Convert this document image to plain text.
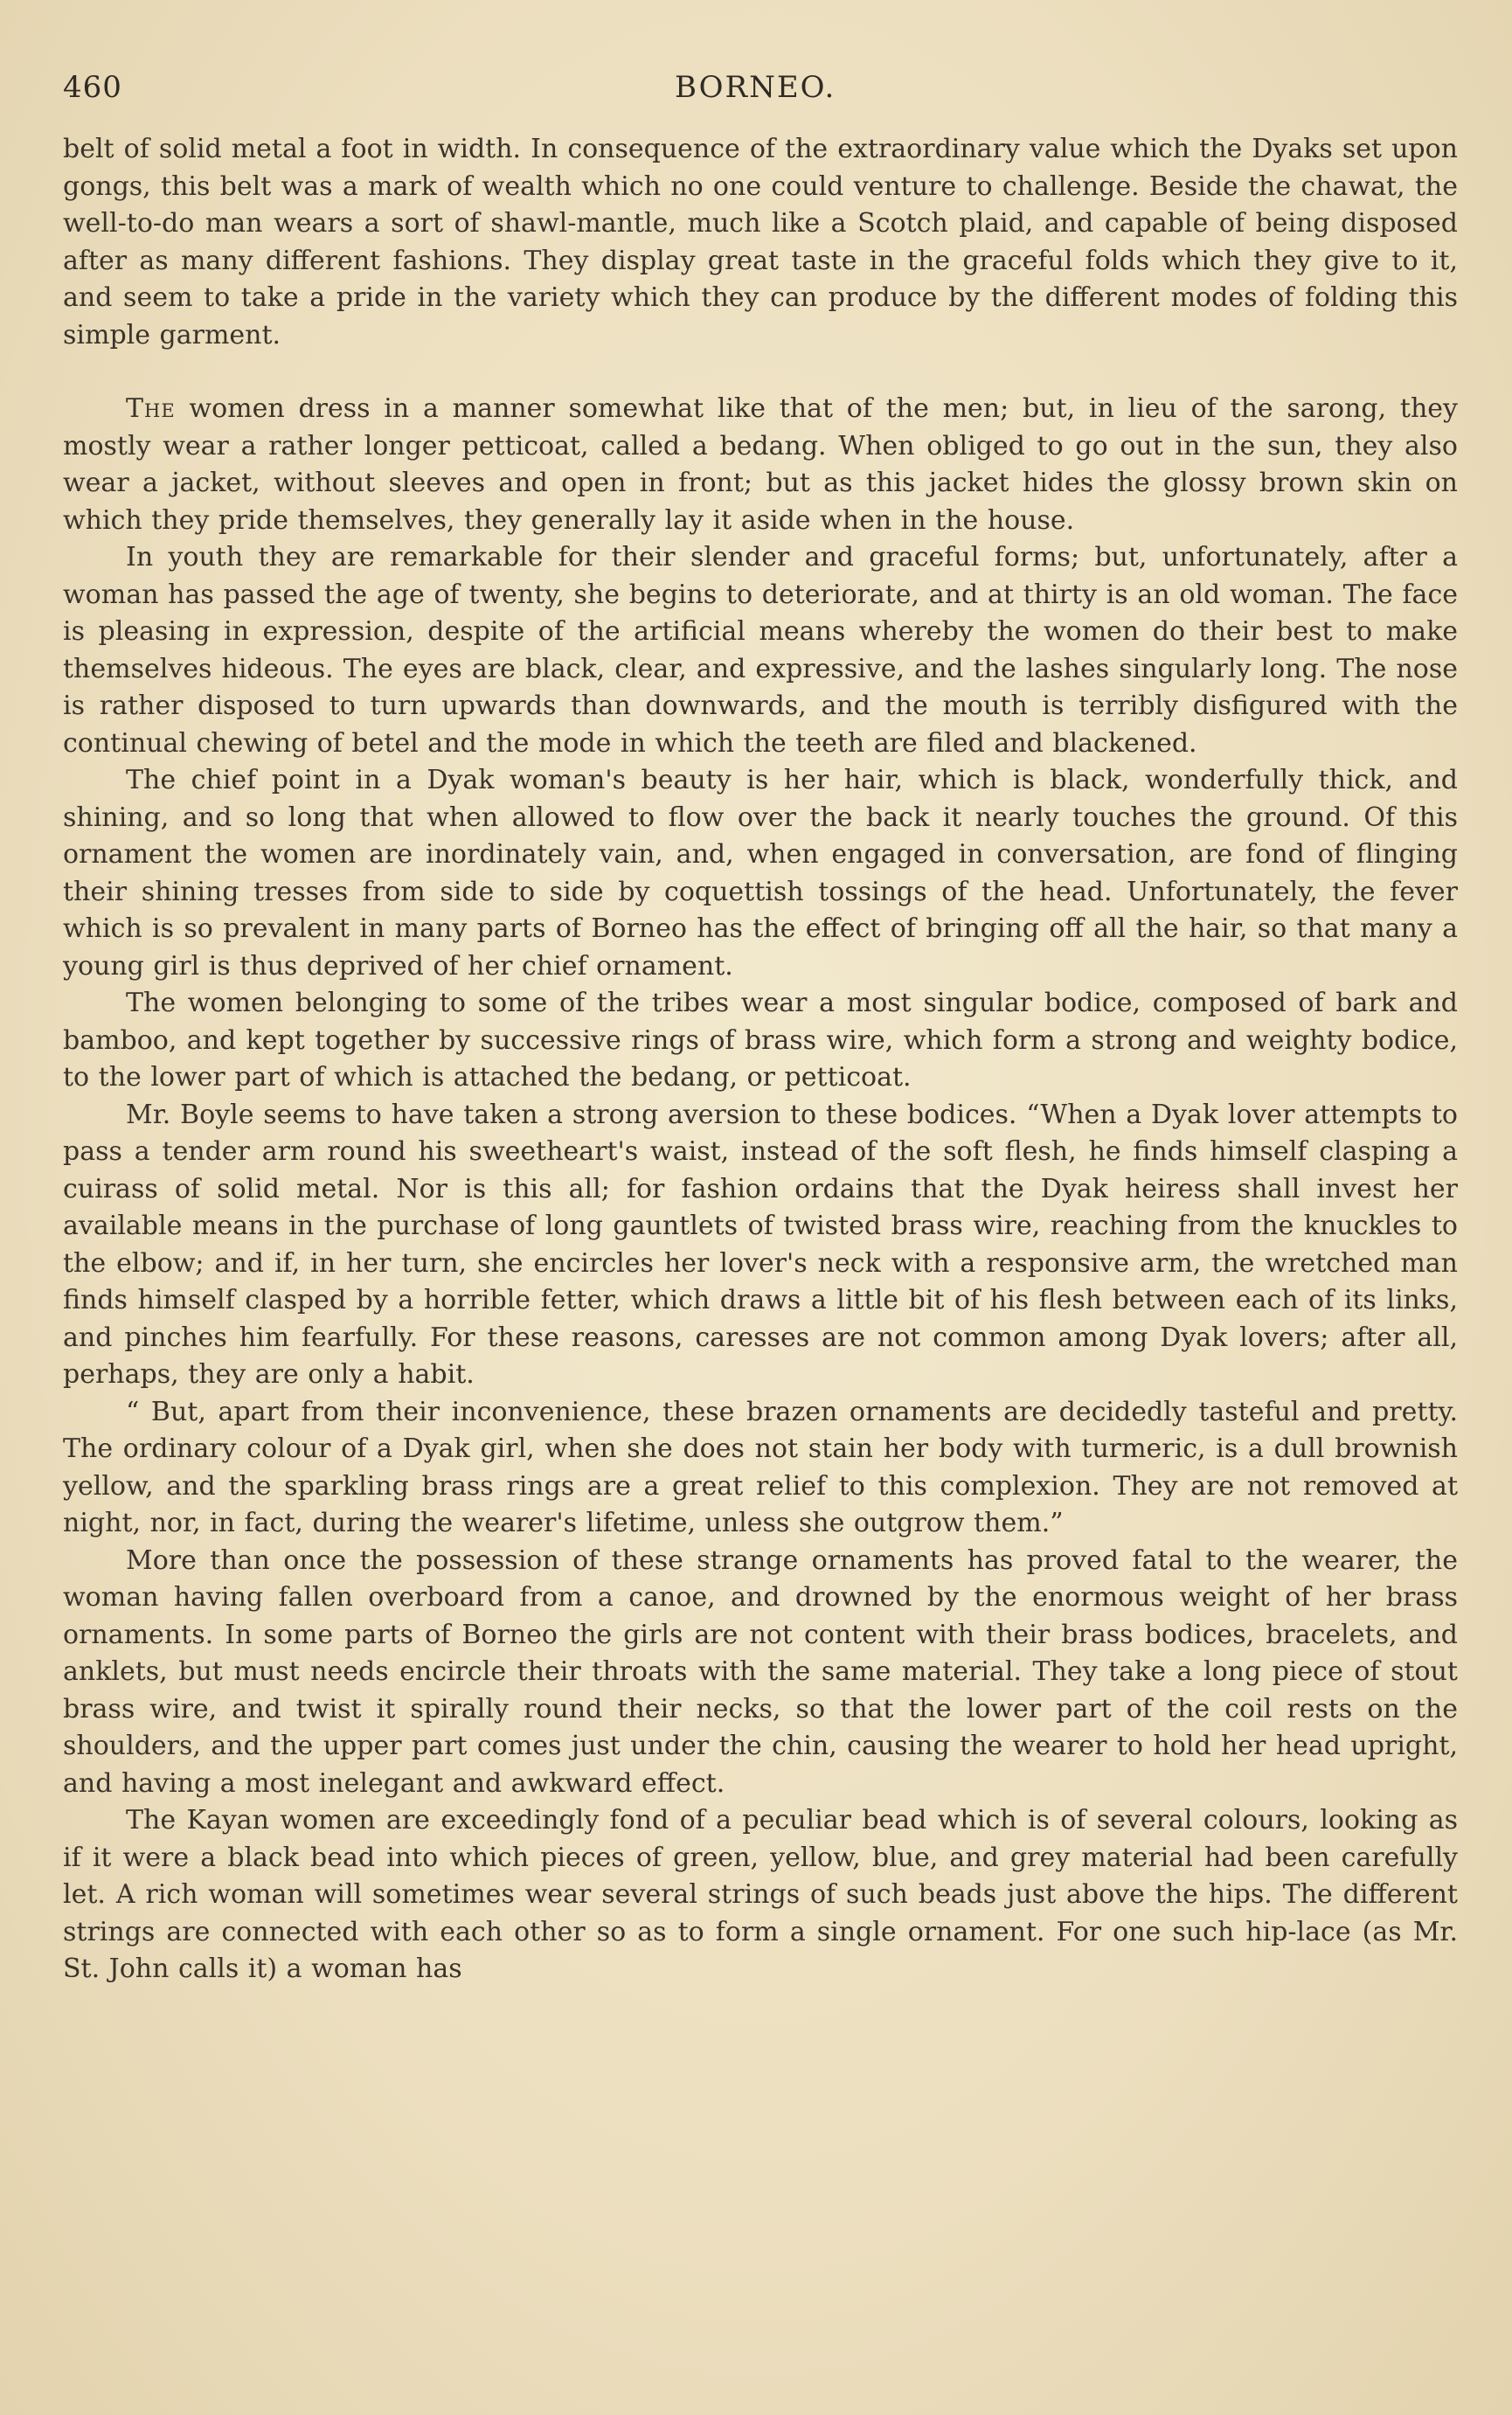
460	BORNEO.

belt of solid metal a foot in width. In consequence of the extraordinary value which the Dyaks set upon gongs, this belt was a mark of wealth which no one could venture to challenge. Beside the chawat, the well-to-do man wears a sort of shawl-mantle, much like a Scotch plaid, and capable of being disposed after as many different fashions. They display great taste in the graceful folds which they give to it, and seem to take a pride in the variety which they can produce by the different modes of folding this simple garment.

The women dress in a manner somewhat like that of the men; but, in lieu of the sarong, they mostly wear a rather longer petticoat, called a bedang. When obliged to go out in the sun, they also wear a jacket, without sleeves and open in front; but as this jacket hides the glossy brown skin on which they pride themselves, they generally lay it aside when in the house.

In youth they are remarkable for their slender and graceful forms; but, unfortunately, after a woman has passed the age of twenty, she begins to deteriorate, and at thirty is an old woman. The face is pleasing in expression, despite of the artificial means whereby the women do their best to make themselves hideous. The eyes are black, clear, and expressive, and the lashes singularly long. The nose is rather disposed to turn upwards than downwards, and the mouth is terribly disfigured with the continual chewing of betel and the mode in which the teeth are filed and blackened.

The chief point in a Dyak woman's beauty is her hair, which is black, wonderfully thick, and shining, and so long that when allowed to flow over the back it nearly touches the ground. Of this ornament the women are inordinately vain, and, when engaged in conversation, are fond of flinging their shining tresses from side to side by coquettish tossings of the head. Unfortunately, the fever which is so prevalent in many parts of Borneo has the effect of bringing off all the hair, so that many a young girl is thus deprived of her chief ornament.

The women belonging to some of the tribes wear a most singular bodice, composed of bark and bamboo, and kept together by successive rings of brass wire, which form a strong and weighty bodice, to the lower part of which is attached the bedang, or petticoat.

Mr. Boyle seems to have taken a strong aversion to these bodices. “When a Dyak lover attempts to pass a tender arm round his sweetheart's waist, instead of the soft flesh, he finds himself clasping a cuirass of solid metal. Nor is this all; for fashion ordains that the Dyak heiress shall invest her available means in the purchase of long gauntlets of twisted brass wire, reaching from the knuckles to the elbow; and if, in her turn, she encircles her lover's neck with a responsive arm, the wretched man finds himself clasped by a horrible fetter, which draws a little bit of his flesh between each of its links, and pinches him fearfully. For these reasons, caresses are not common among Dyak lovers; after all, perhaps, they are only a habit.

“ But, apart from their inconvenience, these brazen ornaments are decidedly tasteful and pretty. The ordinary colour of a Dyak girl, when she does not stain her body with turmeric, is a dull brownish yellow, and the sparkling brass rings are a great relief to this complexion. They are not removed at night, nor, in fact, during the wearer's lifetime, unless she outgrow them.”

More than once the possession of these strange ornaments has proved fatal to the wearer, the woman having fallen overboard from a canoe, and drowned by the enormous weight of her brass ornaments. In some parts of Borneo the girls are not content with their brass bodices, bracelets, and anklets, but must needs encircle their throats with the same material. They take a long piece of stout brass wire, and twist it spirally round their necks, so that the lower part of the coil rests on the shoulders, and the upper part comes just under the chin, causing the wearer to hold her head upright, and having a most inelegant and awkward effect.

The Kayan women are exceedingly fond of a peculiar bead which is of several colours, looking as if it were a black bead into which pieces of green, yellow, blue, and grey material had been carefully let. A rich woman will sometimes wear several strings of such beads just above the hips. The different strings are connected with each other so as to form a single ornament. For one such hip-lace (as Mr. St. John calls it) a woman has
